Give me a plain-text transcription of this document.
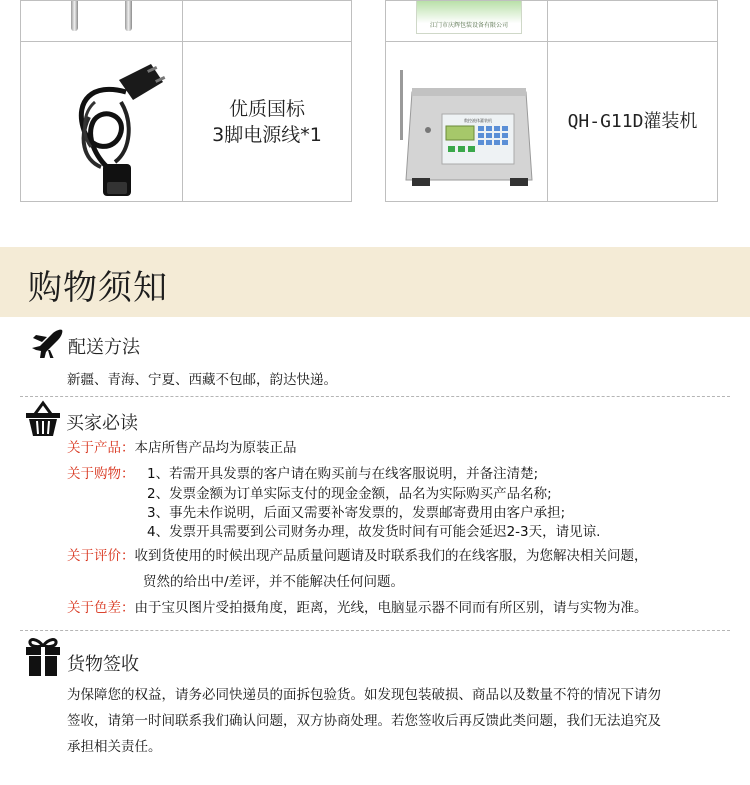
江门市庆辉包装设备有限公司
优质国标
3脚电源线*1
数控液体灌装机	QH-G11D灌装机
购物须知
配送方法
新疆、青海、宁夏、西藏不包邮，韵达快递。
买家必读
关于产品：本店所售产品均为原装正品
关于购物： 1、若需开具发票的客户请在购买前与在线客服说明，并备注清楚;
2、发票金额为订单实际支付的现金金额，品名为实际购买产品名称;
3、事先未作说明，后面又需要补寄发票的，发票邮寄费用由客户承担;
4、发票开具需要到公司财务办理，故发货时间有可能会延迟2-3天，请见谅.
关于评价：收到货使用的时候出现产品质量问题请及时联系我们的在线客服，为您解决相关问题，
贸然的给出中/差评，并不能解决任何问题。
关于色差：由于宝贝图片受拍摄角度，距离，光线，电脑显示器不同而有所区别，请与实物为准。
货物签收
为保障您的权益，请务必同快递员的面拆包验货。如发现包装破损、商品以及数量不符的情况下请勿
签收，请第一时间联系我们确认问题，双方协商处理。若您签收后再反馈此类问题，我们无法追究及
承担相关责任。
